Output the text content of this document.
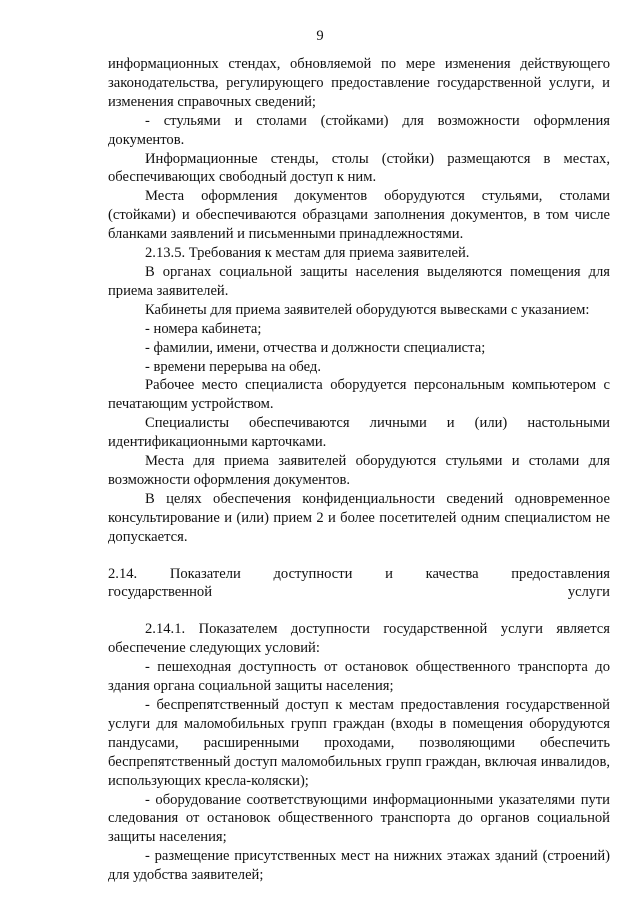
9

информационных стендах, обновляемой по мере изменения действующего законодательства, регулирующего предоставление государственной услуги, и изменения справочных сведений;

- стульями и столами (стойками) для возможности оформления документов.

Информационные стенды, столы (стойки) размещаются в местах, обеспечивающих свободный доступ к ним.

Места оформления документов оборудуются стульями, столами (стойками) и обеспечиваются образцами заполнения документов, в том числе бланками заявлений и письменными принадлежностями.

2.13.5. Требования к местам для приема заявителей.

В органах социальной защиты населения выделяются помещения для приема заявителей.

Кабинеты для приема заявителей оборудуются вывесками с указанием:

- номера кабинета;

- фамилии, имени, отчества и должности специалиста;

- времени перерыва на обед.

Рабочее место специалиста оборудуется персональным компьютером с печатающим устройством.

Специалисты обеспечиваются личными и (или) настольными идентификационными карточками.

Места для приема заявителей оборудуются стульями и столами для возможности оформления документов.

В целях обеспечения конфиденциальности сведений одновременное консультирование и (или) прием 2 и более посетителей одним специалистом не допускается.

2.14. Показатели доступности и качества предоставления

государственной услуги

2.14.1. Показателем доступности государственной услуги является обеспечение следующих условий:

- пешеходная доступность от остановок общественного транспорта до здания органа социальной защиты населения;

- беспрепятственный доступ к местам предоставления государственной услуги для маломобильных групп граждан (входы в помещения оборудуются пандусами, расширенными проходами, позволяющими обеспечить беспрепятственный доступ маломобильных групп граждан, включая инвалидов, использующих кресла-коляски);

- оборудование соответствующими информационными указателями пути следования от остановок общественного транспорта до органов социальной защиты населения;

- размещение присутственных мест на нижних этажах зданий (строений) для удобства заявителей;
